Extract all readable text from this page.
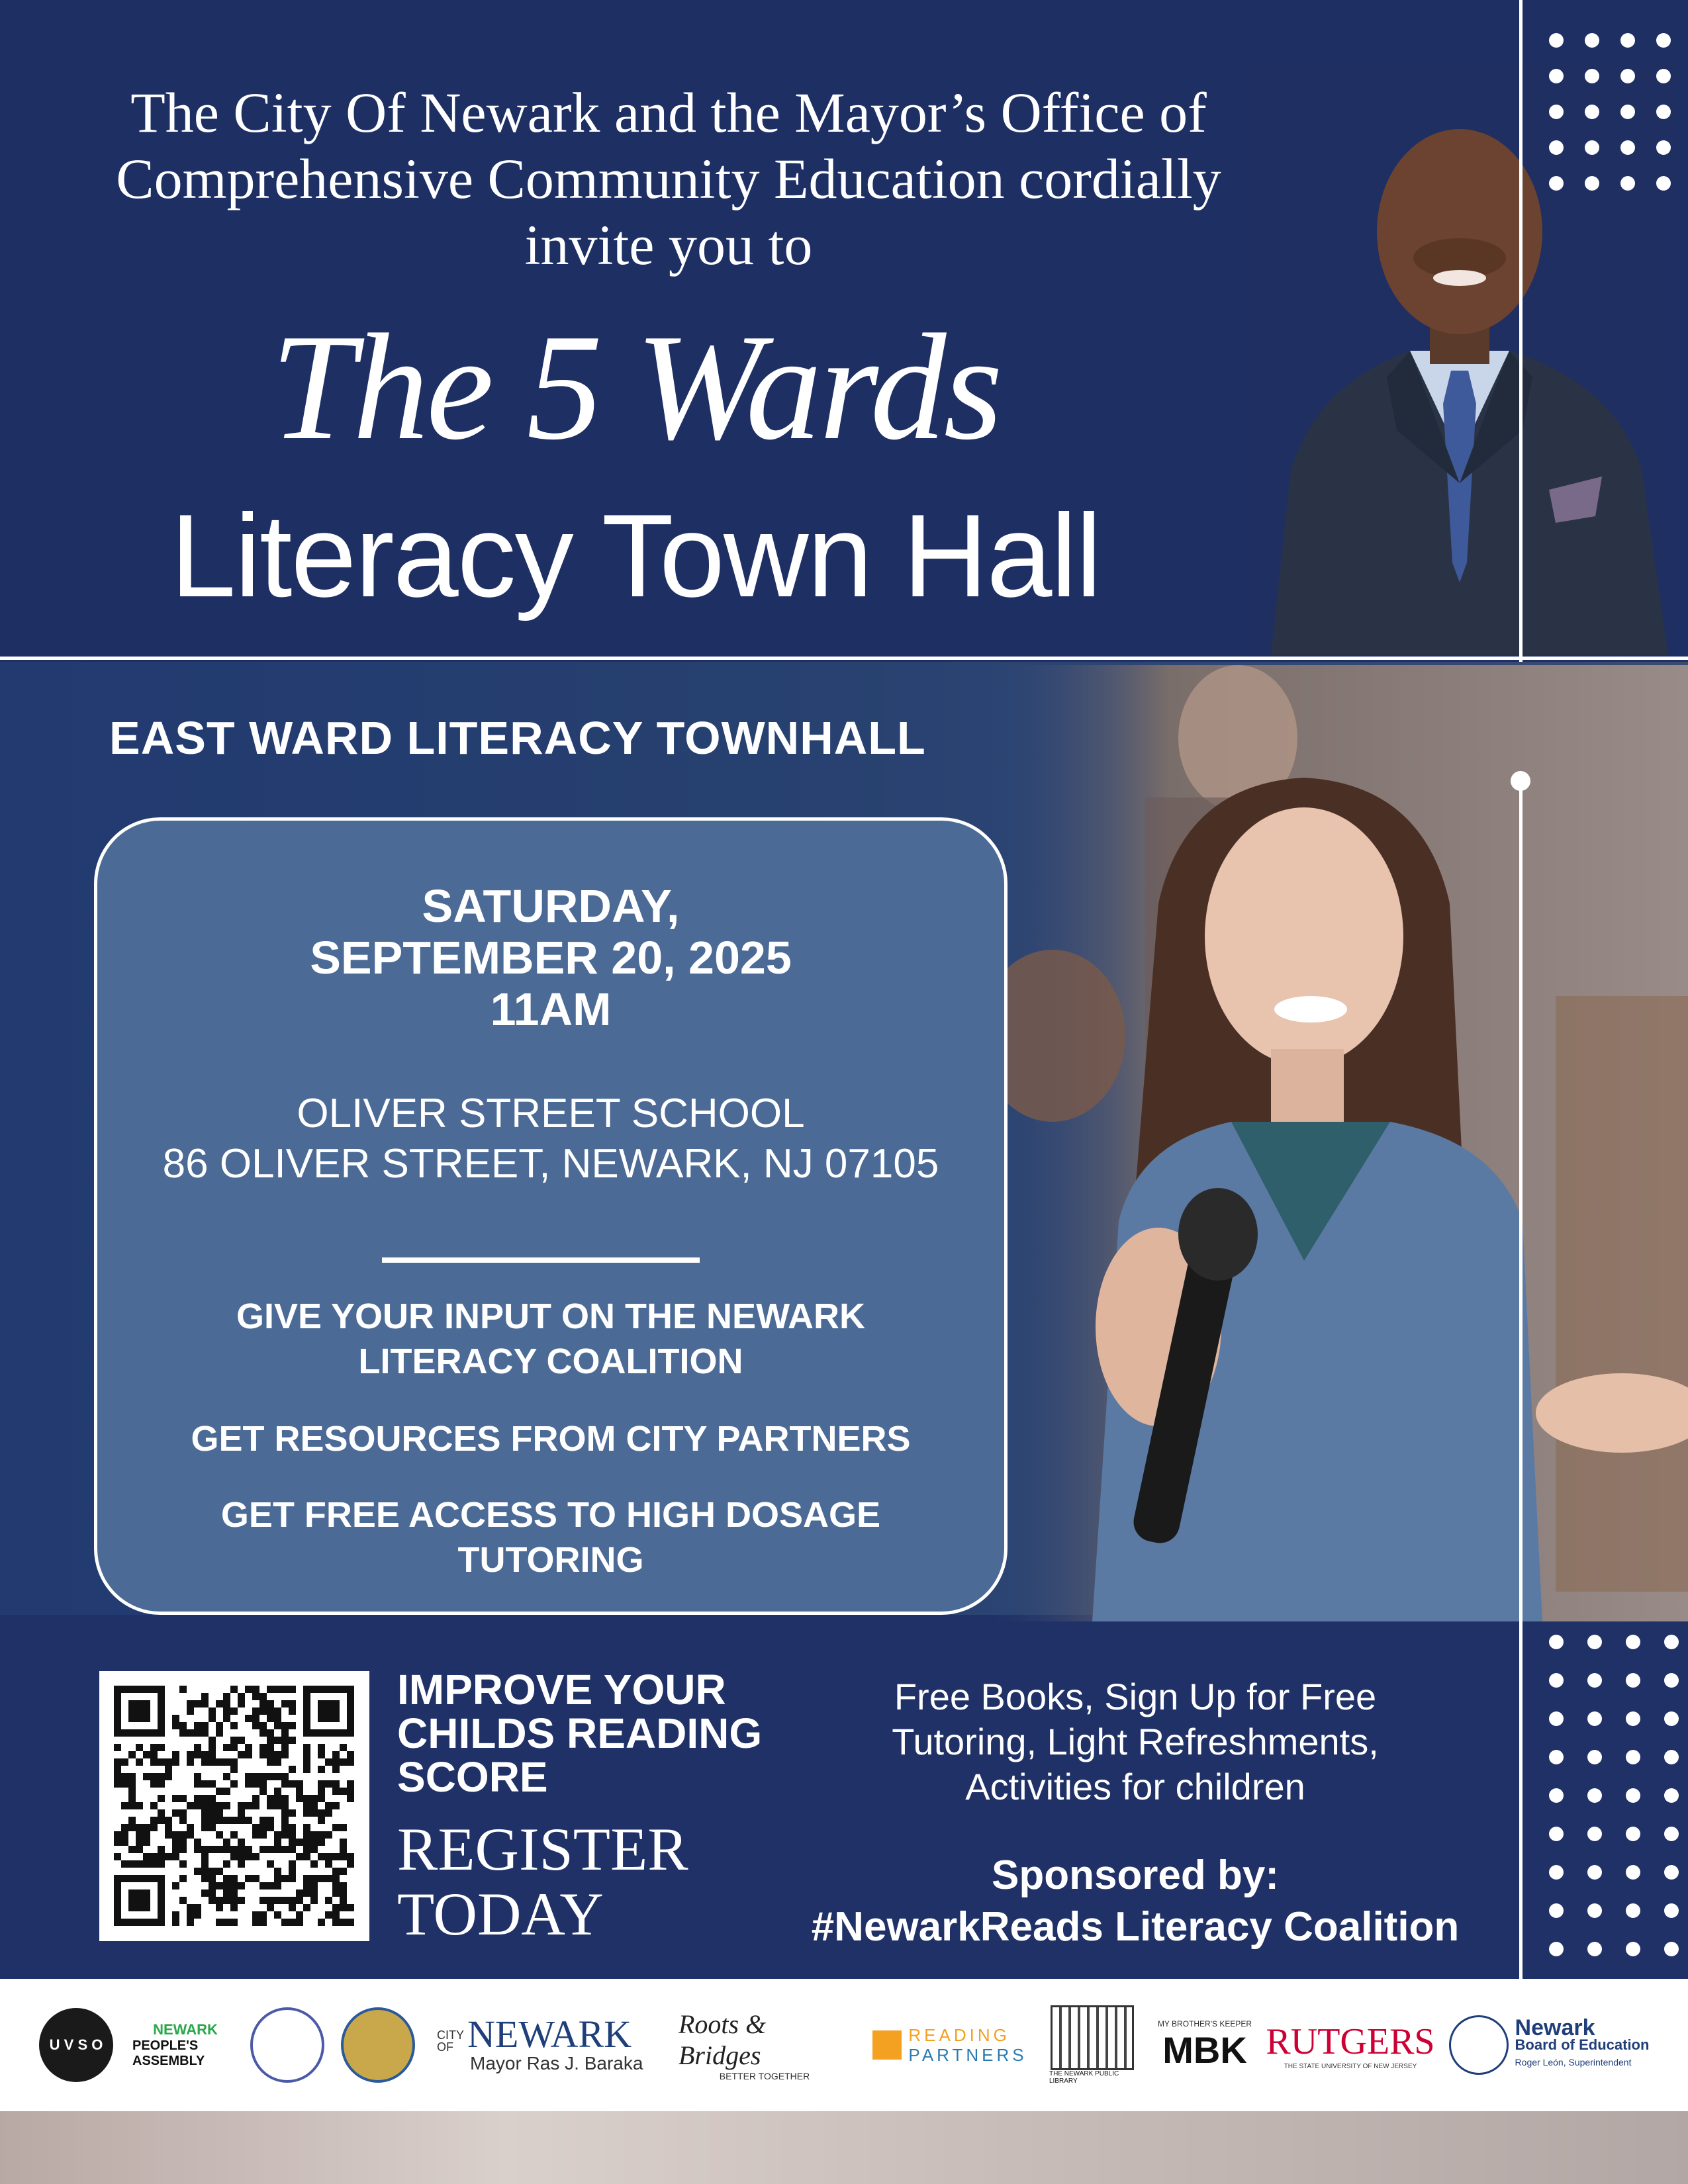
The City Of Newark and the Mayor’s Office of
Comprehensive Community Education cordially
invite you to
The 5 Wards
Literacy Town Hall
EAST WARD LITERACY TOWNHALL
SATURDAY,
SEPTEMBER 20, 2025
11AM
OLIVER STREET SCHOOL
86 OLIVER STREET, NEWARK, NJ 07105
GIVE YOUR INPUT ON THE NEWARK
LITERACY COALITION
GET RESOURCES FROM CITY PARTNERS
GET FREE ACCESS TO HIGH DOSAGE
TUTORING
IMPROVE YOUR
CHILDS READING
SCORE
REGISTER
TODAY
Free Books, Sign Up for Free
Tutoring, Light Refreshments,
Activities for children
Sponsored by:
#NewarkReads Literacy Coalition
U V S O
NEWARK
PEOPLE'S ASSEMBLY
CITY OF NEWARK
Mayor Ras J. Baraka
Roots & Bridges
BETTER TOGETHER
READING
PARTNERS
THE NEWARK PUBLIC LIBRARY
MY BROTHER'S KEEPER
MBK RUTGERS
THE STATE UNIVERSITY OF NEW JERSEY
Newark
Board of Education
Roger León, Superintendent
